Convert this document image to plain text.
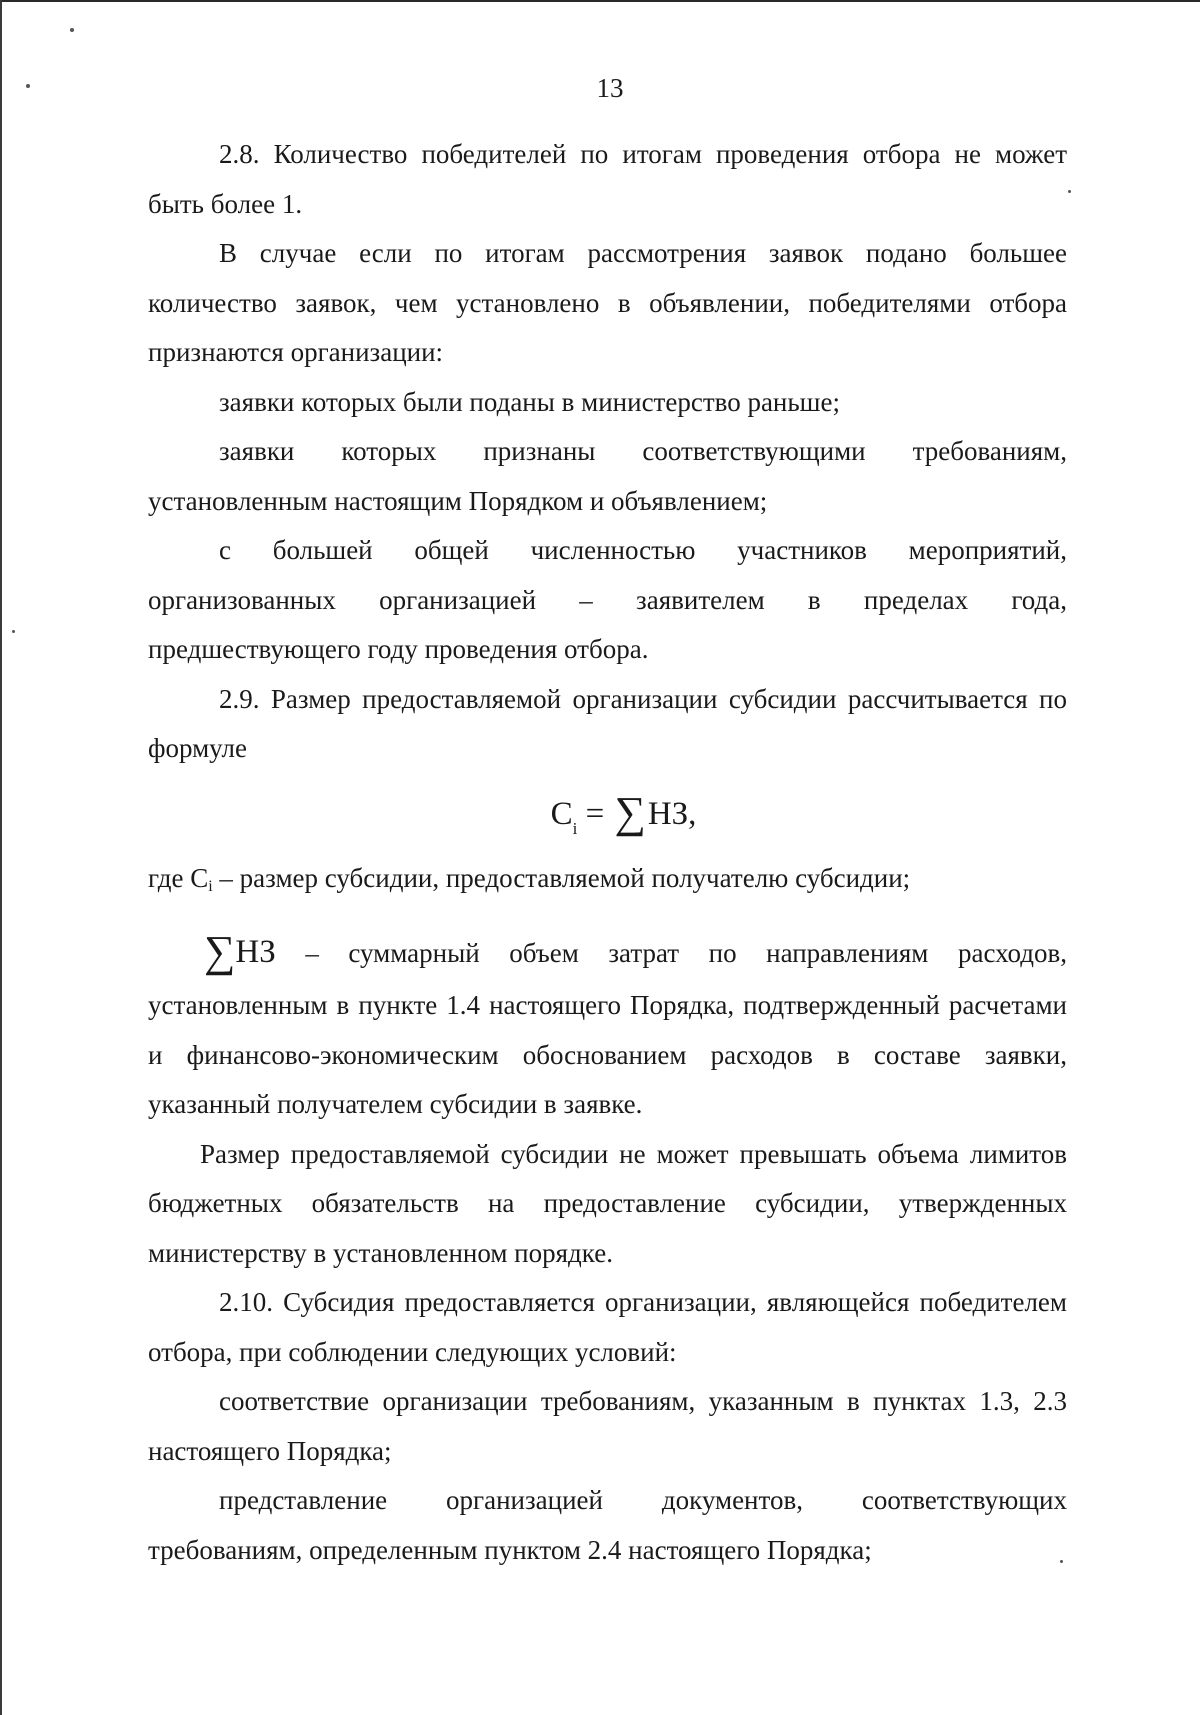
13

2.8. Количество победителей по итогам проведения отбора не может быть более 1.

В случае если по итогам рассмотрения заявок подано большее количество заявок, чем установлено в объявлении, победителями отбора признаются организации:

заявки которых были поданы в министерство раньше;

заявки которых признаны соответствующими требованиям, установленным настоящим Порядком и объявлением;

с большей общей численностью участников мероприятий, организованных организацией – заявителем в пределах года, предшествующего году проведения отбора.

2.9. Размер предоставляемой организации субсидии рассчитывается по формуле

$C_i = \sum НЗ$,

где Ci – размер субсидии, предоставляемой получателю субсидии;

∑НЗ – суммарный объем затрат по направлениям расходов,

установленным в пункте 1.4 настоящего Порядка, подтвержденный расчетами и финансово-экономическим обоснованием расходов в составе заявки, указанный получателем субсидии в заявке.

Размер предоставляемой субсидии не может превышать объема лимитов бюджетных обязательств на предоставление субсидии, утвержденных министерству в установленном порядке.

2.10. Субсидия предоставляется организации, являющейся победителем отбора, при соблюдении следующих условий:

соответствие организации требованиям, указанным в пунктах 1.3, 2.3 настоящего Порядка;

представление организацией документов, соответствующих требованиям, определенным пунктом 2.4 настоящего Порядка;
